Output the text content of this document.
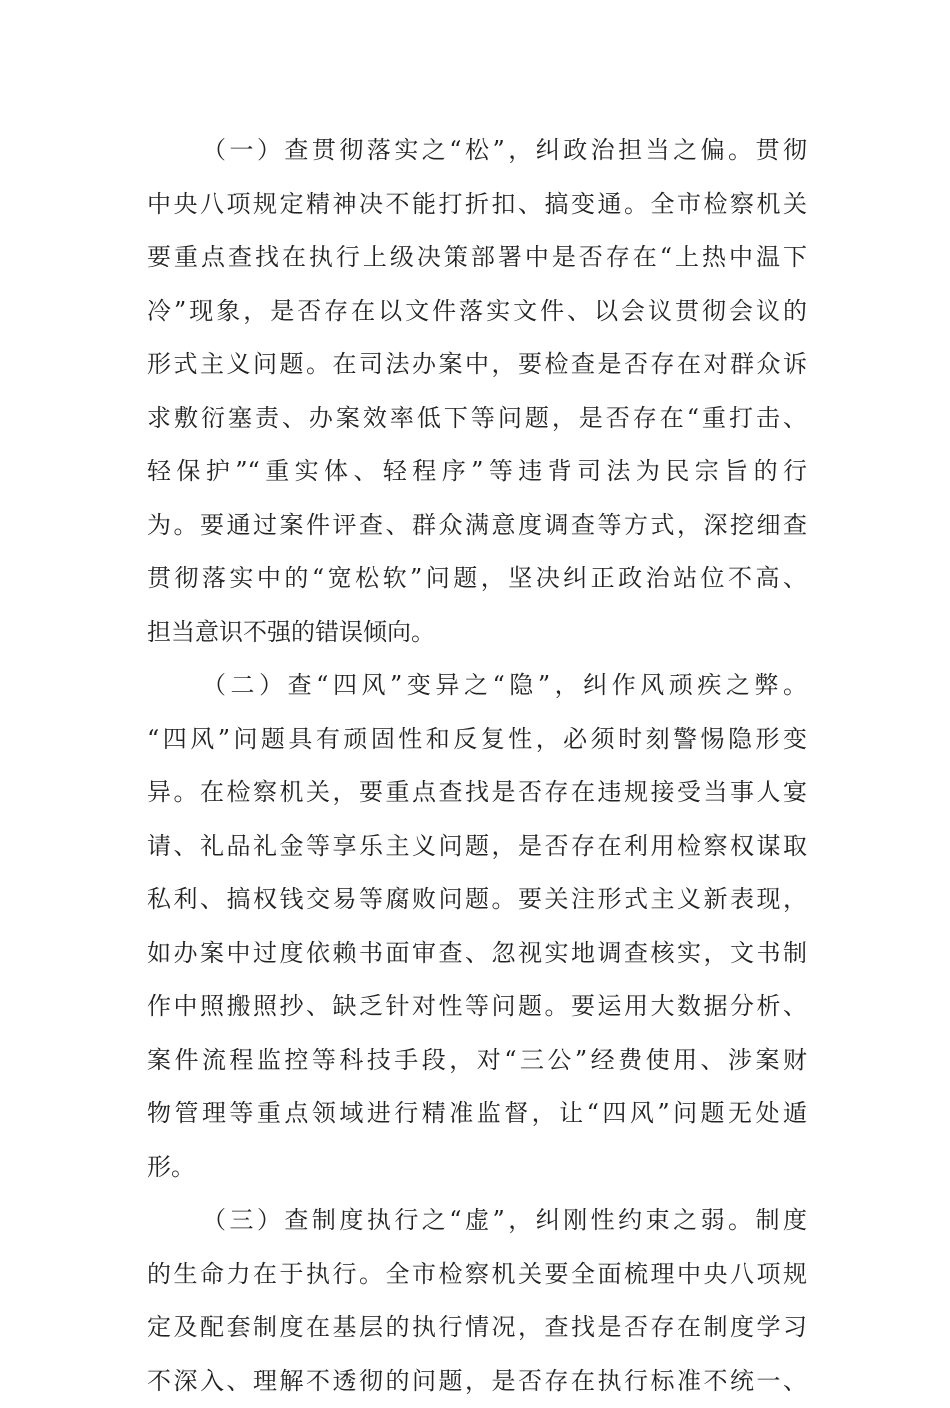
（一）查贯彻落实之“松”，纠政治担当之偏。贯彻
中央八项规定精神决不能打折扣、搞变通。全市检察机关
要重点查找在执行上级决策部署中是否存在“上热中温下
冷”现象，是否存在以文件落实文件、以会议贯彻会议的
形式主义问题。在司法办案中，要检查是否存在对群众诉
求敷衍塞责、办案效率低下等问题，是否存在“重打击、
轻保护”“重实体、轻程序”等违背司法为民宗旨的行
为。要通过案件评查、群众满意度调查等方式，深挖细查
贯彻落实中的“宽松软”问题，坚决纠正政治站位不高、
担当意识不强的错误倾向。
（二）查“四风”变异之“隐”，纠作风顽疾之弊。
“四风”问题具有顽固性和反复性，必须时刻警惕隐形变
异。在检察机关，要重点查找是否存在违规接受当事人宴
请、礼品礼金等享乐主义问题，是否存在利用检察权谋取
私利、搞权钱交易等腐败问题。要关注形式主义新表现，
如办案中过度依赖书面审查、忽视实地调查核实，文书制
作中照搬照抄、缺乏针对性等问题。要运用大数据分析、
案件流程监控等科技手段，对“三公”经费使用、涉案财
物管理等重点领域进行精准监督，让“四风”问题无处遁
形。
（三）查制度执行之“虚”，纠刚性约束之弱。制度
的生命力在于执行。全市检察机关要全面梳理中央八项规
定及配套制度在基层的执行情况，查找是否存在制度学习
不深入、理解不透彻的问题，是否存在执行标准不统一、
